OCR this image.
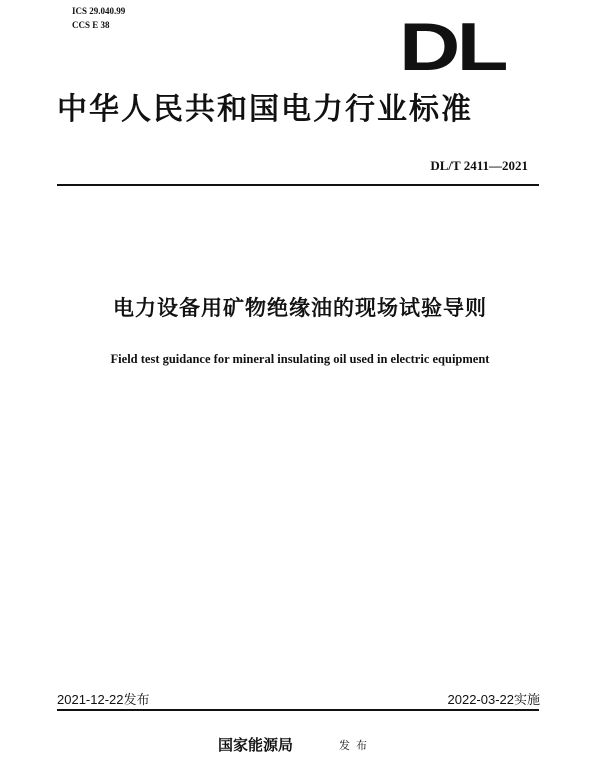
ICS 29.040.99
CCS E 38	DL
中华人民共和国电力行业标准
DL/T 2411—2021
电力设备用矿物绝缘油的现场试验导则
Field test guidance for mineral insulating oil used in electric equipment
2021-12-22发布	2022-03-22实施
国家能源局	发布
